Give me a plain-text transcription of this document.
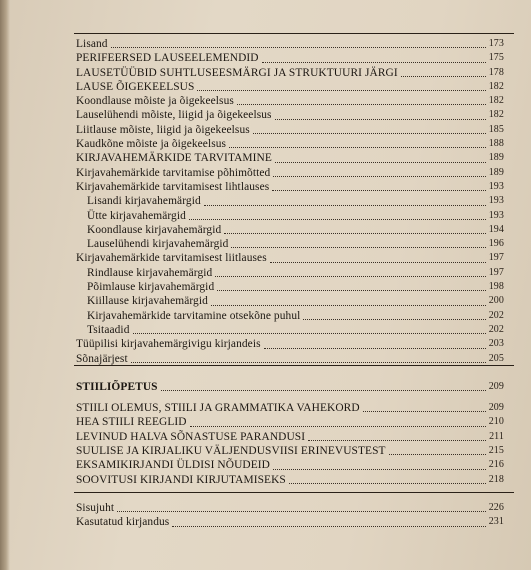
Lisand	173
PERIFEERSED LAUSEELEMENDID	175
LAUSETÜÜBID SUHTLUSEESMÄRGI JA STRUKTUURI JÄRGI	178
LAUSE ÕIGEKEELSUS	182
Koondlause mõiste ja õigekeelsus	182
Lauselühendi mõiste, liigid ja õigekeelsus	182
Liitlause mõiste, liigid ja õigekeelsus	185
Kaudkõne mõiste ja õigekeelsus	188
KIRJAVAHEMÄRKIDE TARVITAMINE	189
Kirjavahemärkide tarvitamise põhimõtted	189
Kirjavahemärkide tarvitamisest lihtlauses	193
Lisandi kirjavahemärgid	193
Ütte kirjavahemärgid	193
Koondlause kirjavahemärgid	194
Lauselühendi kirjavahemärgid	196
Kirjavahemärkide tarvitamisest liitlauses	197
Rindlause kirjavahemärgid	197
Põimlause kirjavahemärgid	198
Kiillause kirjavahemärgid	200
Kirjavahemärkide tarvitamine otsekõne puhul	202
Tsitaadid	202
Tüüpilisi kirjavahemärgivigu kirjandeis	203
Sõnajärjest	205
STIILIÕPETUS	209
STIILI OLEMUS, STIILI JA GRAMMATIKA VAHEKORD	209
HEA STIILI REEGLID	210
LEVINUD HALVA SÕNASTUSE PARANDUSI	211
SUULISE JA KIRJALIKU VÄLJENDUSVIISI ERINEVUSTEST	215
EKSAMIKIRJANDI ÜLDISI NÕUDEID	216
SOOVITUSI KIRJANDI KIRJUTAMISEKS	218
Sisujuht	226
Kasutatud kirjandus	231
